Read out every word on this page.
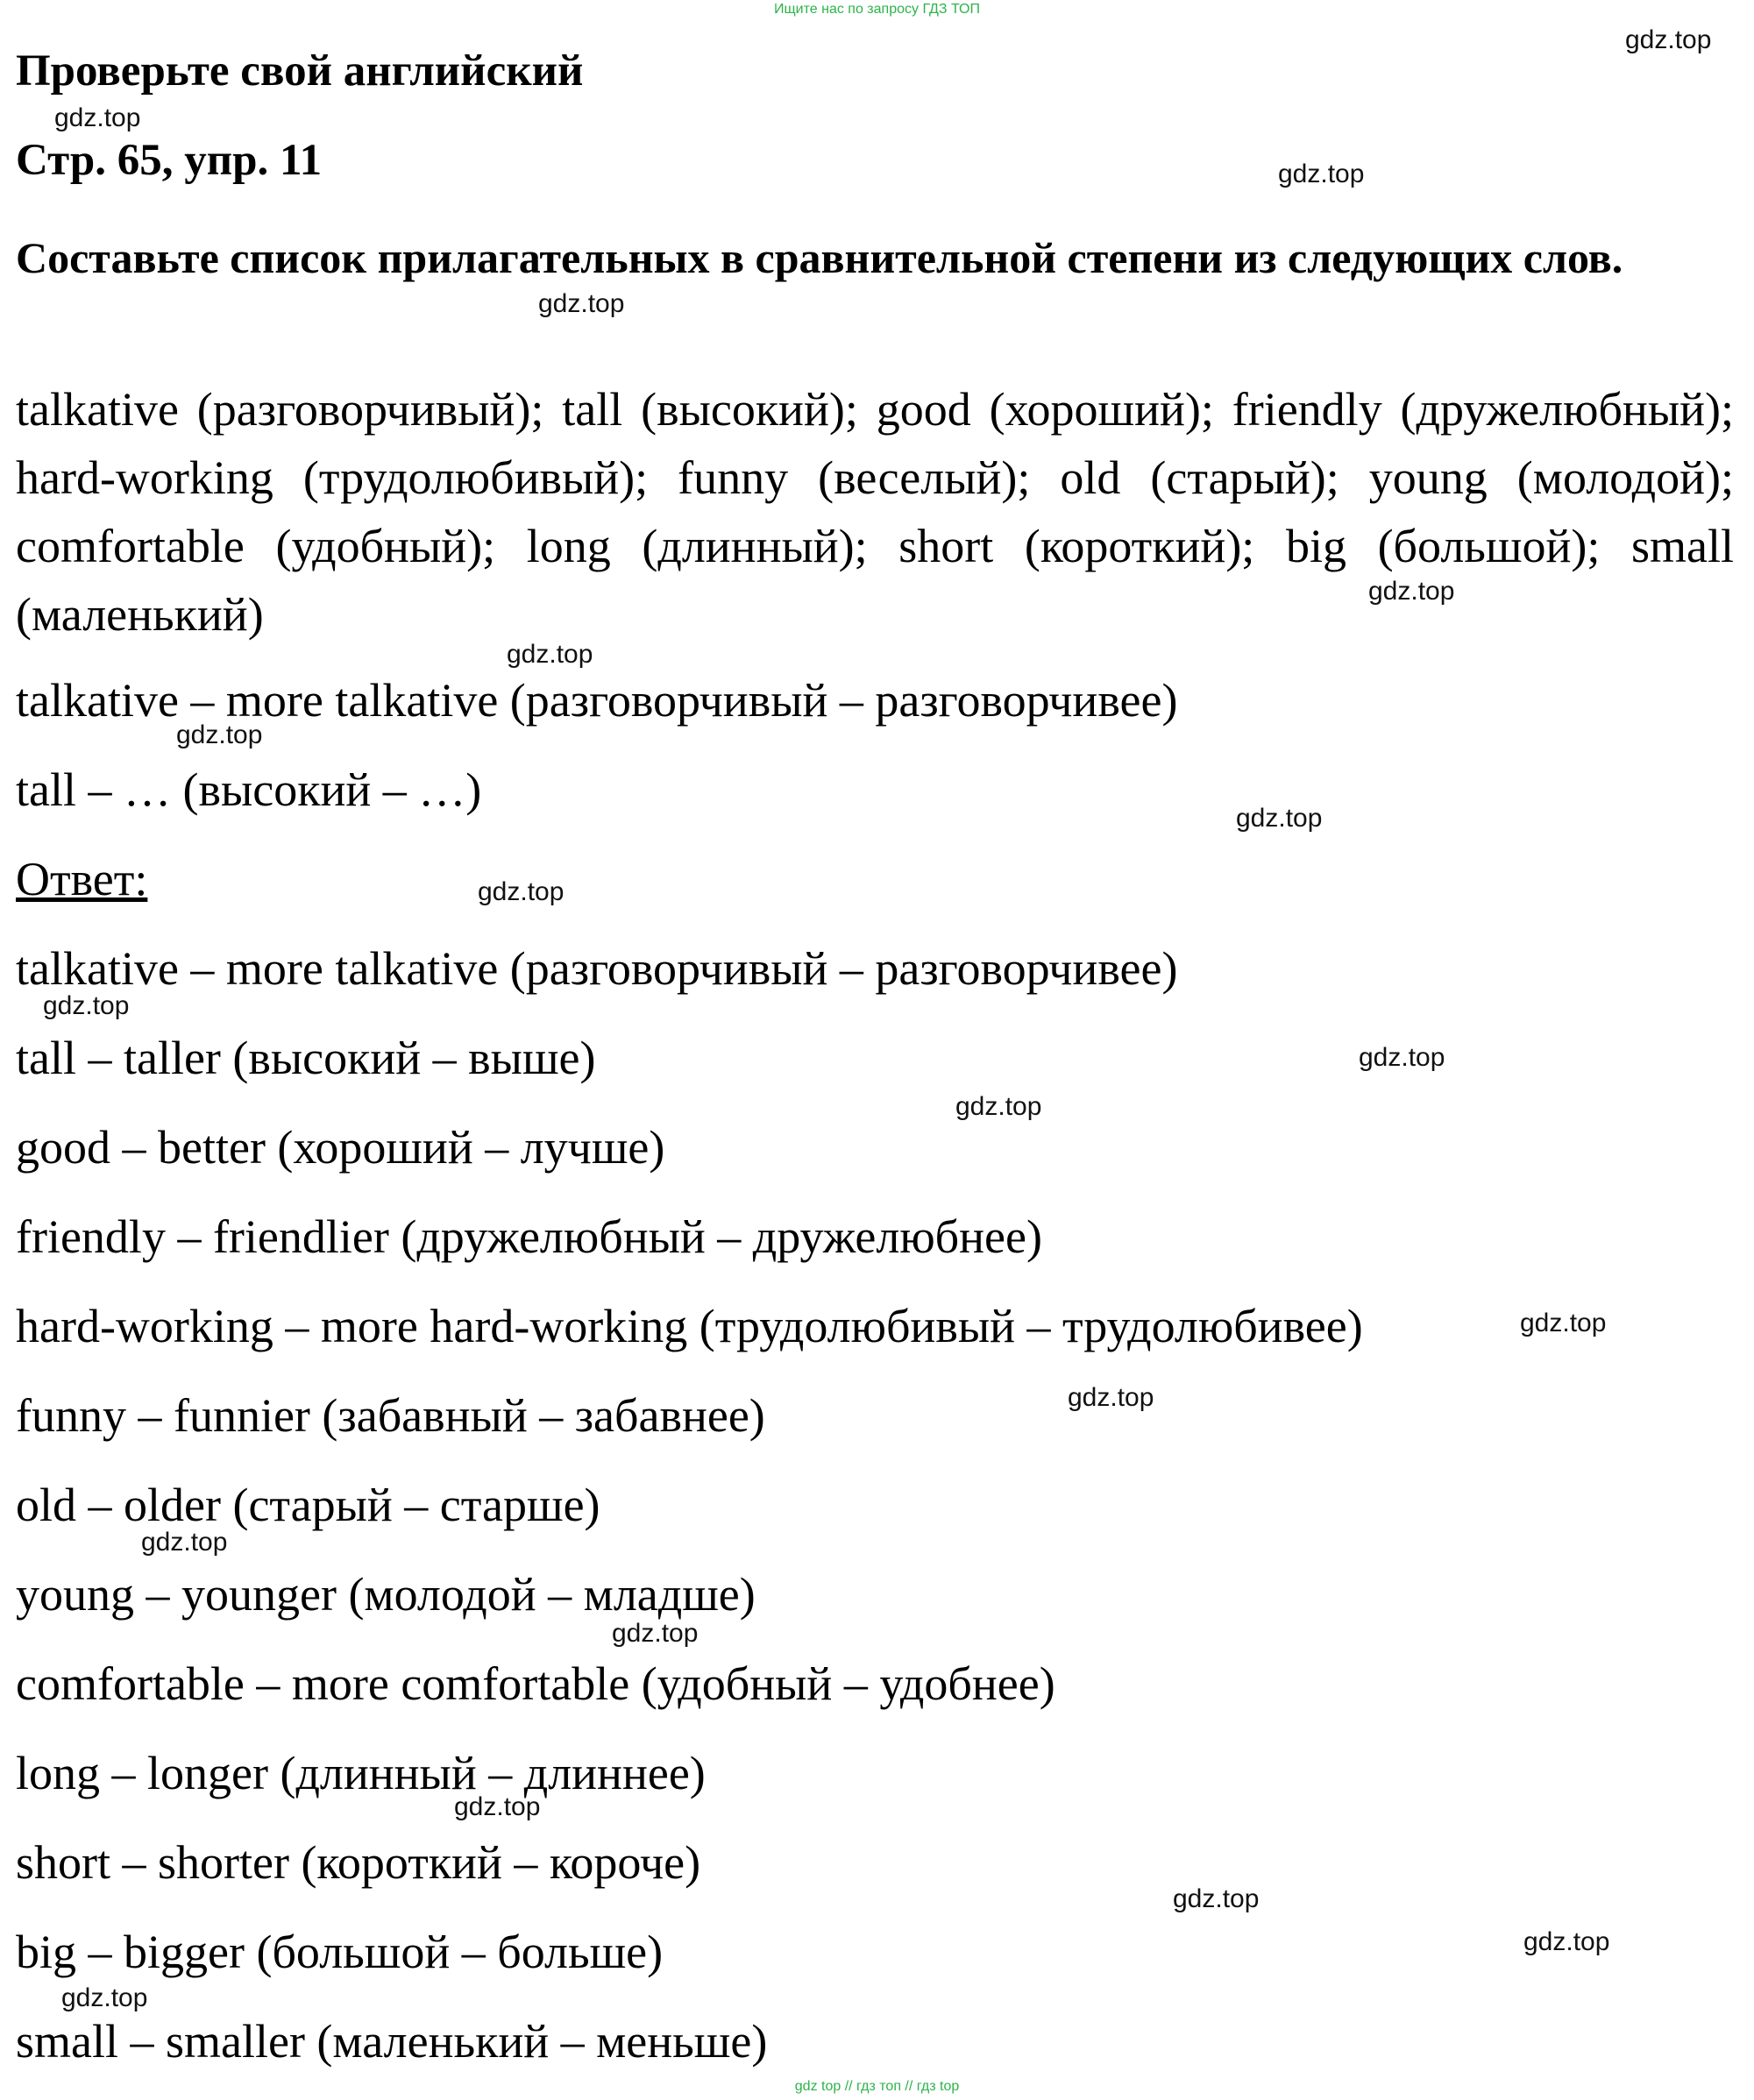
Ищите нас по запросу ГДЗ ТОП
Проверьте свой английский
Стр. 65, упр. 11

Составьте список прилагательных в сравнительной степени из следующих слов.

talkative (разговорчивый); tall (высокий); good (хороший); friendly (дружелюбный); hard-working (трудолюбивый); funny (веселый); old (старый); young (молодой); comfortable (удобный); long (длинный); short (короткий); big (большой); small (маленький)

talkative – more talkative (разговорчивый – разговорчивее)
tall – … (высокий – …)
Ответ:
talkative – more talkative (разговорчивый – разговорчивее)
tall – taller (высокий – выше)
good – better (хороший – лучше)
friendly – friendlier (дружелюбный – дружелюбнее)
hard-working – more hard-working (трудолюбивый – трудолюбивее)
funny – funnier (забавный – забавнее)
old – older (старый – старше)
young – younger (молодой – младше)
comfortable – more comfortable (удобный – удобнее)
long – longer (длинный – длиннее)
short – shorter (короткий – короче)
big – bigger (большой – больше)
small – smaller (маленький – меньше)
gdz.top
gdz.top
gdz.top
gdz.top
gdz.top
gdz.top
gdz.top
gdz.top
gdz.top
gdz.top
gdz.top
gdz.top
gdz.top
gdz.top
gdz.top
gdz.top
gdz.top
gdz.top
gdz.top
gdz.top
gdz top // гдз топ // гдз top
